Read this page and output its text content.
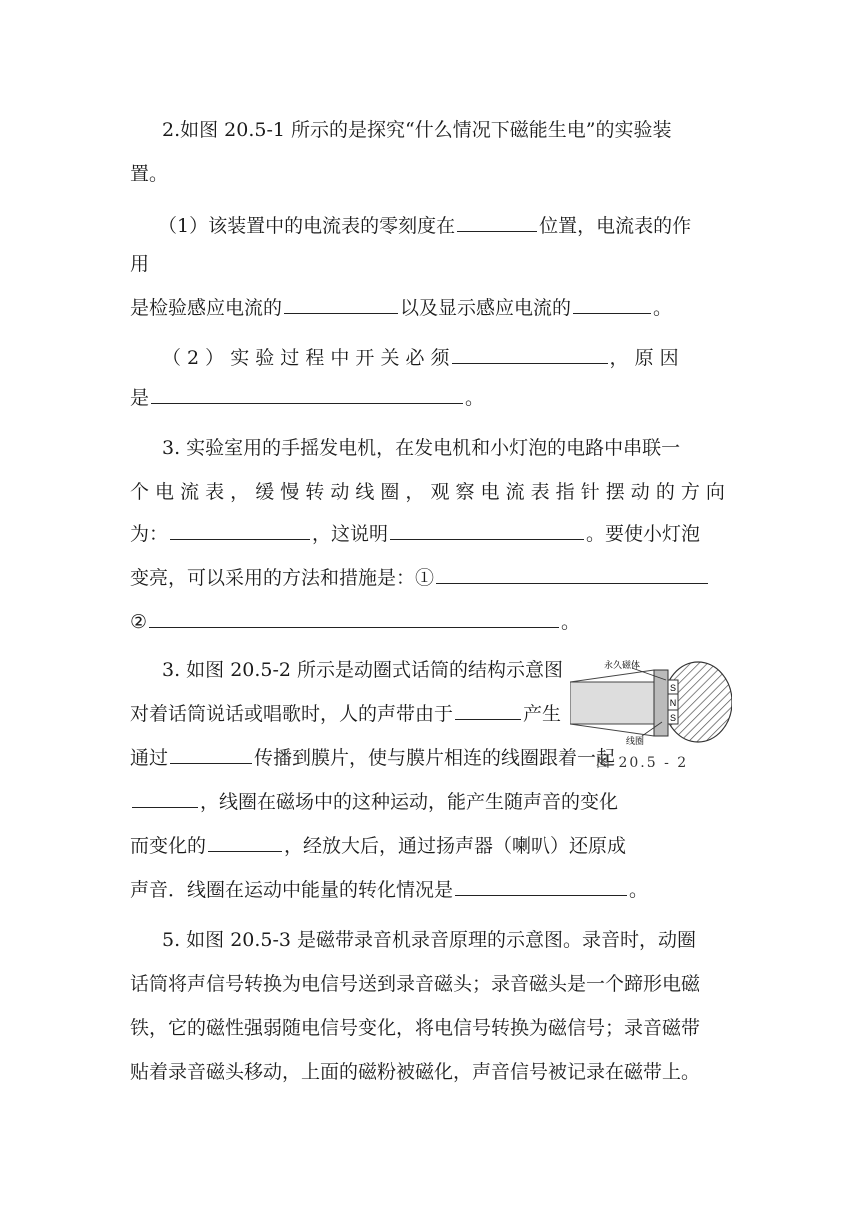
2.如图 20.5-1 所示的是探究“什么情况下磁能生电”的实验装
置。
（1）该装置中的电流表的零刻度在	位置，电流表的作
用
是检验感应电流的	以及显示感应电流的	。
（ 2 ） 实 验 过 程 中 开 关 必 须	， 原 因
是	。
3. 实验室用的手摇发电机，在发电机和小灯泡的电路中串联一
个 电 流 表 ， 缓 慢 转 动 线 圈 ， 观 察 电 流 表 指 针 摆 动 的 方 向
为：	，这说明	。要使小灯泡
变亮，可以采用的方法和措施是：①
②	。
3. 如图 20.5-2 所示是动圈式话筒的结构示意图
对着话筒说话或唱歌时，人的声带由于	产生
通过	传播到膜片，使与膜片相连的线圈跟着一起
，线圈在磁场中的这种运动，能产生随声音的变化
而变化的	，经放大后，通过扬声器（喇叭）还原成
声音．线圈在运动中能量的转化情况是	。
S
N
S
永久磁体
线圈
图 20.5 - 2
5. 如图 20.5-3 是磁带录音机录音原理的示意图。录音时，动圈
话筒将声信号转换为电信号送到录音磁头；录音磁头是一个蹄形电磁
铁，它的磁性强弱随电信号变化，将电信号转换为磁信号；录音磁带
贴着录音磁头移动，上面的磁粉被磁化，声音信号被记录在磁带上。
